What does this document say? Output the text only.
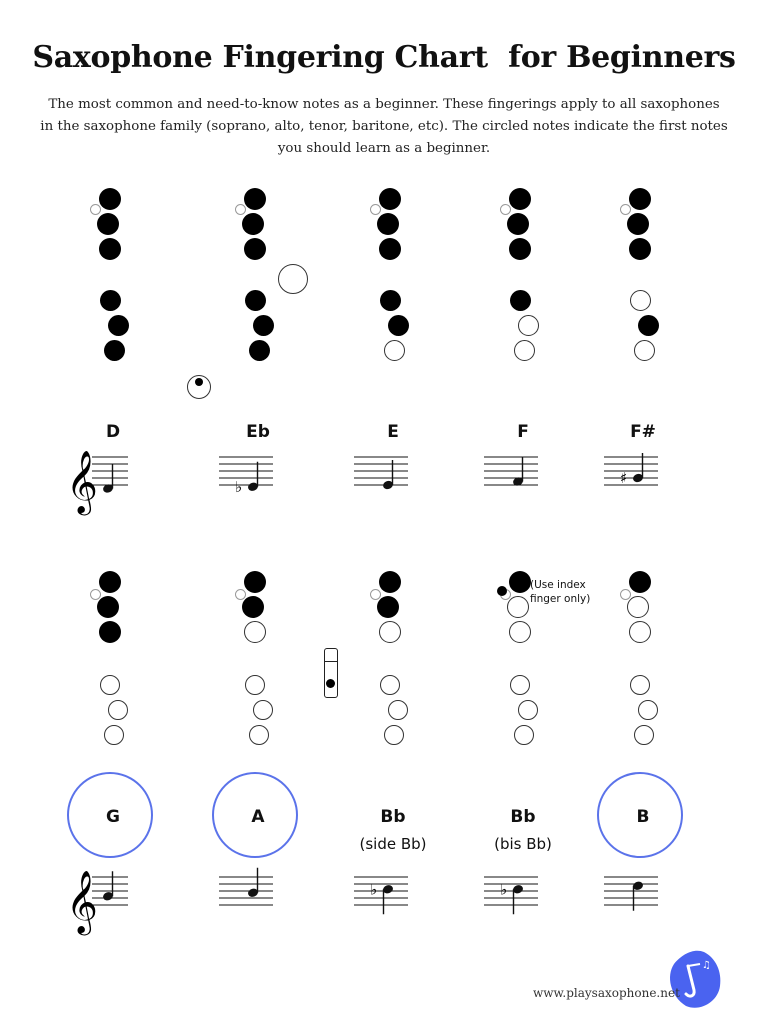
Saxophone Fingering Chart  for Beginners
The most common and need-to-know notes as a beginner. These fingerings apply to all saxophones in the saxophone family (soprano, alto, tenor, baritone, etc). The circled notes indicate the first notes you should learn as a beginner.
D
𝄞
Eb
♭
E	F	F#
♯
G
𝄞
A	Bb
(side Bb)
♭
Bb
(bis Bb)
♭
B
(Use index finger only)
♫
www.playsaxophone.net
